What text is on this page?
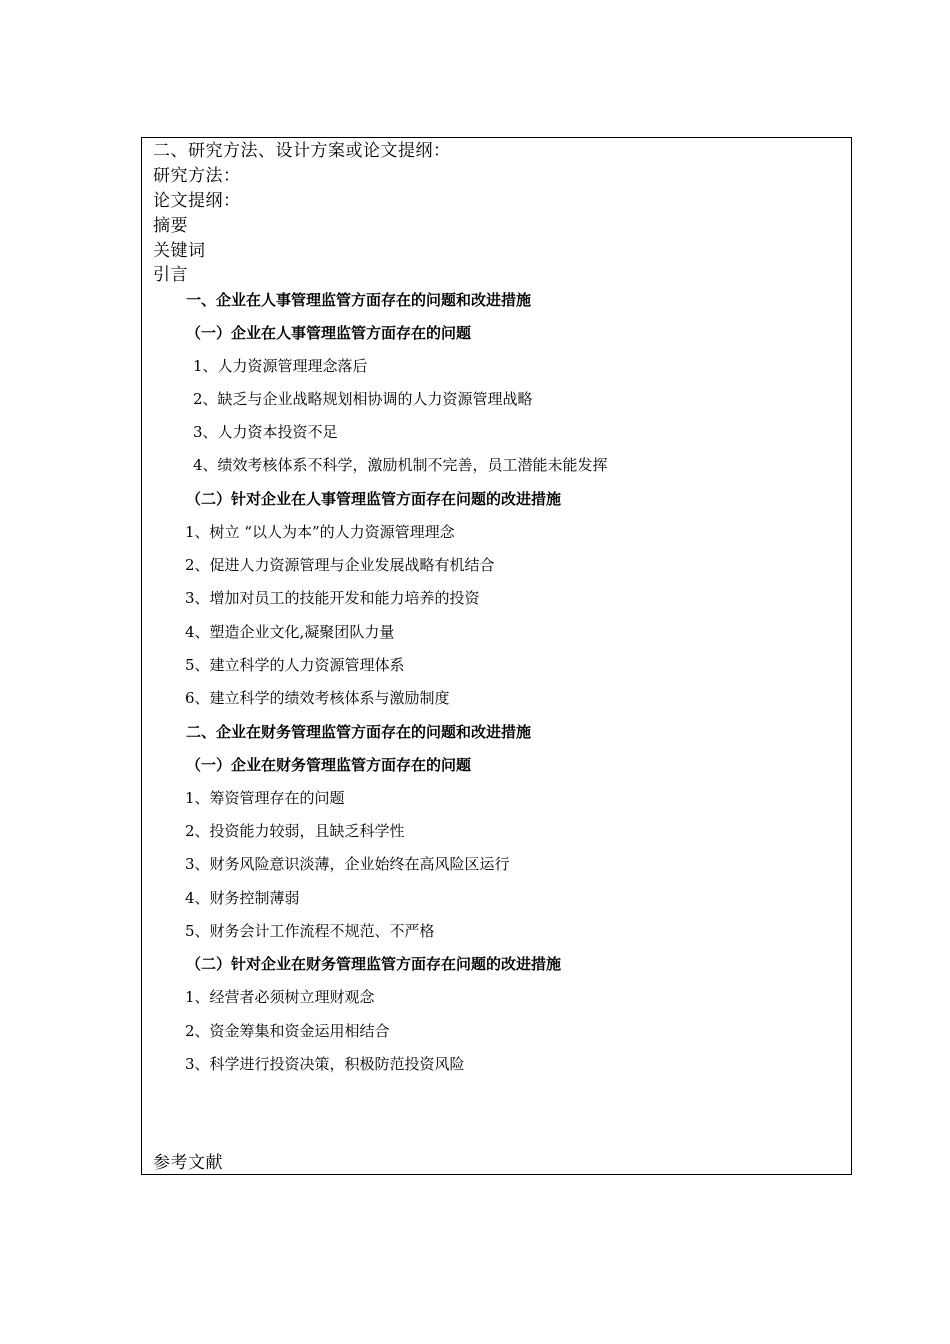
二、研究方法、设计方案或论文提纲：
研究方法：
论文提纲：
摘要
关键词
引言
一、企业在人事管理监管方面存在的问题和改进措施
（一）企业在人事管理监管方面存在的问题
1、人力资源管理理念落后
2、缺乏与企业战略规划相协调的人力资源管理战略
3、人力资本投资不足
4、绩效考核体系不科学，激励机制不完善，员工潜能未能发挥
（二）针对企业在人事管理监管方面存在问题的改进措施
1、树立 “以人为本”的人力资源管理理念
2、促进人力资源管理与企业发展战略有机结合
3、增加对员工的技能开发和能力培养的投资
4、塑造企业文化,凝聚团队力量
5、建立科学的人力资源管理体系
6、建立科学的绩效考核体系与激励制度
二、企业在财务管理监管方面存在的问题和改进措施
（一）企业在财务管理监管方面存在的问题
1、筹资管理存在的问题
2、投资能力较弱，且缺乏科学性
3、财务风险意识淡薄，企业始终在高风险区运行
4、财务控制薄弱
5、财务会计工作流程不规范、不严格
（二）针对企业在财务管理监管方面存在问题的改进措施
1、经营者必须树立理财观念
2、资金筹集和资金运用相结合
3、科学进行投资决策，积极防范投资风险
参考文献
